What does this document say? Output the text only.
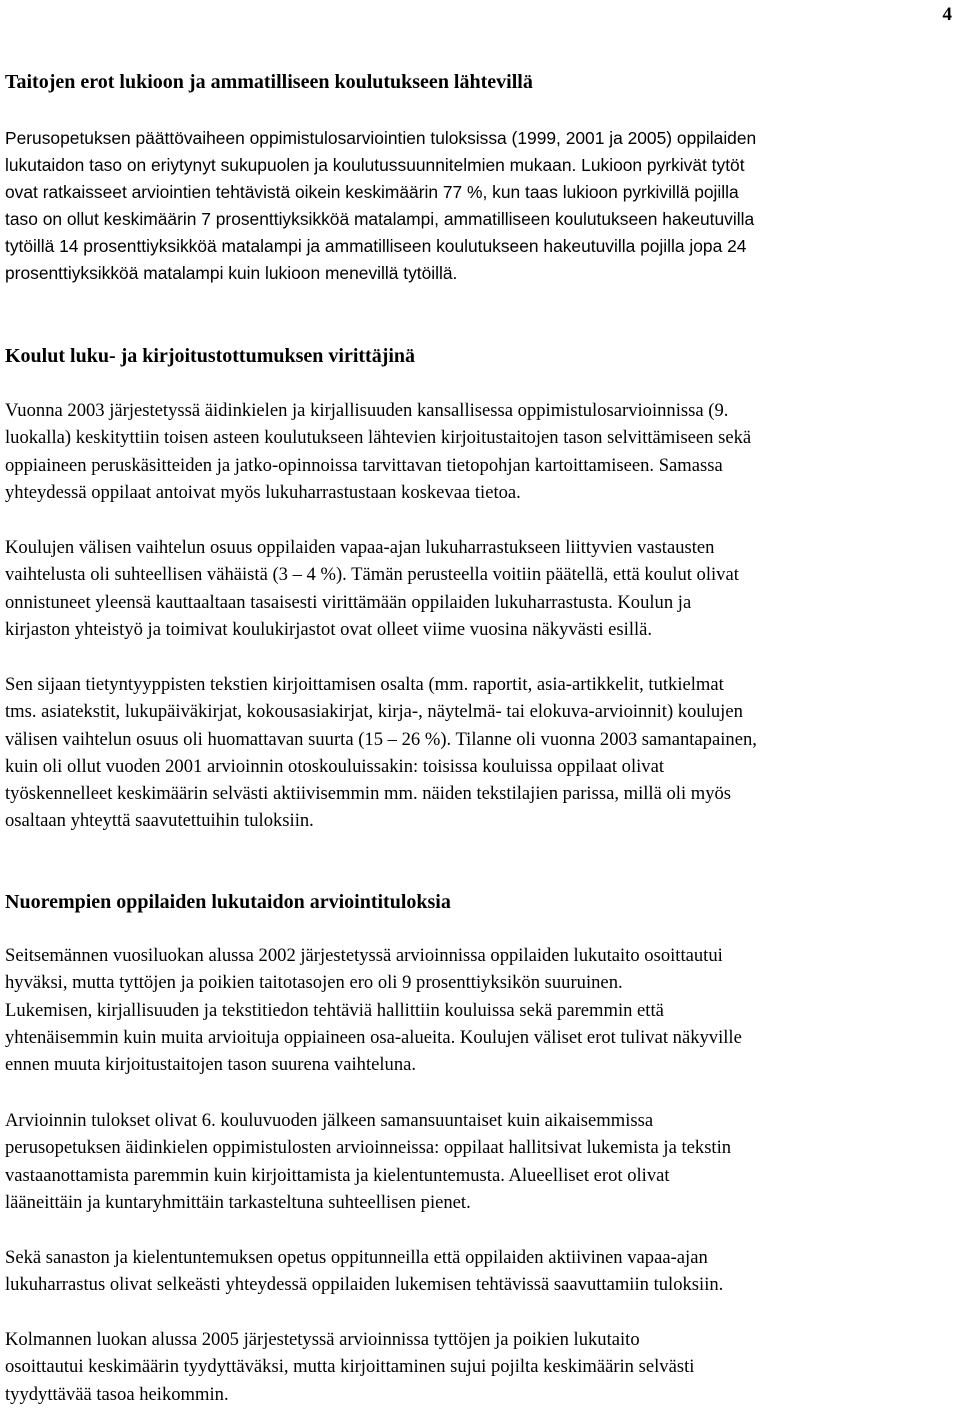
4
Taitojen erot lukioon ja ammatilliseen koulutukseen lähtevillä

Perusopetuksen päättövaiheen oppimistulosarviointien tuloksissa (1999, 2001 ja 2005) oppilaiden
lukutaidon taso on eriytynyt sukupuolen ja koulutussuunnitelmien mukaan. Lukioon pyrkivät tytöt
ovat ratkaisseet arviointien tehtävistä oikein keskimäärin 77 %, kun taas lukioon pyrkivillä pojilla
taso on ollut keskimäärin 7 prosenttiyksikköä matalampi, ammatilliseen koulutukseen hakeutuvilla
tytöillä 14 prosenttiyksikköä matalampi ja ammatilliseen koulutukseen hakeutuvilla pojilla jopa 24
prosenttiyksikköä matalampi kuin lukioon menevillä tytöillä.

Koulut luku- ja kirjoitustottumuksen virittäjinä

Vuonna 2003 järjestetyssä äidinkielen ja kirjallisuuden kansallisessa oppimistulosarvioinnissa (9.
luokalla) keskityttiin toisen asteen koulutukseen lähtevien kirjoitustaitojen tason selvittämiseen sekä
oppiaineen peruskäsitteiden ja jatko-opinnoissa tarvittavan tietopohjan kartoittamiseen. Samassa
yhteydessä oppilaat antoivat myös lukuharrastustaan koskevaa tietoa.

Koulujen välisen vaihtelun osuus oppilaiden vapaa-ajan lukuharrastukseen liittyvien vastausten
vaihtelusta oli suhteellisen vähäistä (3 – 4 %). Tämän perusteella voitiin päätellä, että koulut olivat
onnistuneet yleensä kauttaaltaan tasaisesti virittämään oppilaiden lukuharrastusta. Koulun ja
kirjaston yhteistyö ja toimivat koulukirjastot ovat olleet viime vuosina näkyvästi esillä.

Sen sijaan tietyntyyppisten tekstien kirjoittamisen osalta (mm. raportit, asia-artikkelit, tutkielmat
tms. asiatekstit, lukupäiväkirjat, kokousasiakirjat, kirja-, näytelmä- tai elokuva-arvioinnit) koulujen
välisen vaihtelun osuus oli huomattavan suurta (15 – 26 %). Tilanne oli vuonna 2003 samantapainen,
kuin oli ollut vuoden 2001 arvioinnin otoskouluissakin: toisissa kouluissa oppilaat olivat
työskennelleet keskimäärin selvästi aktiivisemmin mm. näiden tekstilajien parissa, millä oli myös
osaltaan yhteyttä saavutettuihin tuloksiin.

Nuorempien oppilaiden lukutaidon arviointituloksia

Seitsemännen vuosiluokan alussa 2002 järjestetyssä arvioinnissa oppilaiden lukutaito osoittautui
hyväksi, mutta tyttöjen ja poikien taitotasojen ero oli 9 prosenttiyksikön suuruinen.
Lukemisen, kirjallisuuden ja tekstitiedon tehtäviä hallittiin kouluissa sekä paremmin että
yhtenäisemmin kuin muita arvioituja oppiaineen osa-alueita. Koulujen väliset erot tulivat näkyville
ennen muuta kirjoitustaitojen tason suurena vaihteluna.

Arvioinnin tulokset olivat 6. kouluvuoden jälkeen samansuuntaiset kuin aikaisemmissa
perusopetuksen äidinkielen oppimistulosten arvioinneissa: oppilaat hallitsivat lukemista ja tekstin
vastaanottamista paremmin kuin kirjoittamista ja kielentuntemusta. Alueelliset erot olivat
lääneittäin ja kuntaryhmittäin tarkasteltuna suhteellisen pienet.

Sekä sanaston ja kielentuntemuksen opetus oppitunneilla että oppilaiden aktiivinen vapaa-ajan
lukuharrastus olivat selkeästi yhteydessä oppilaiden lukemisen tehtävissä saavuttamiin tuloksiin.

Kolmannen luokan alussa 2005 järjestetyssä arvioinnissa tyttöjen ja poikien lukutaito
osoittautui keskimäärin tyydyttäväksi, mutta kirjoittaminen sujui pojilta keskimäärin selvästi
tyydyttävää tasoa heikommin.
